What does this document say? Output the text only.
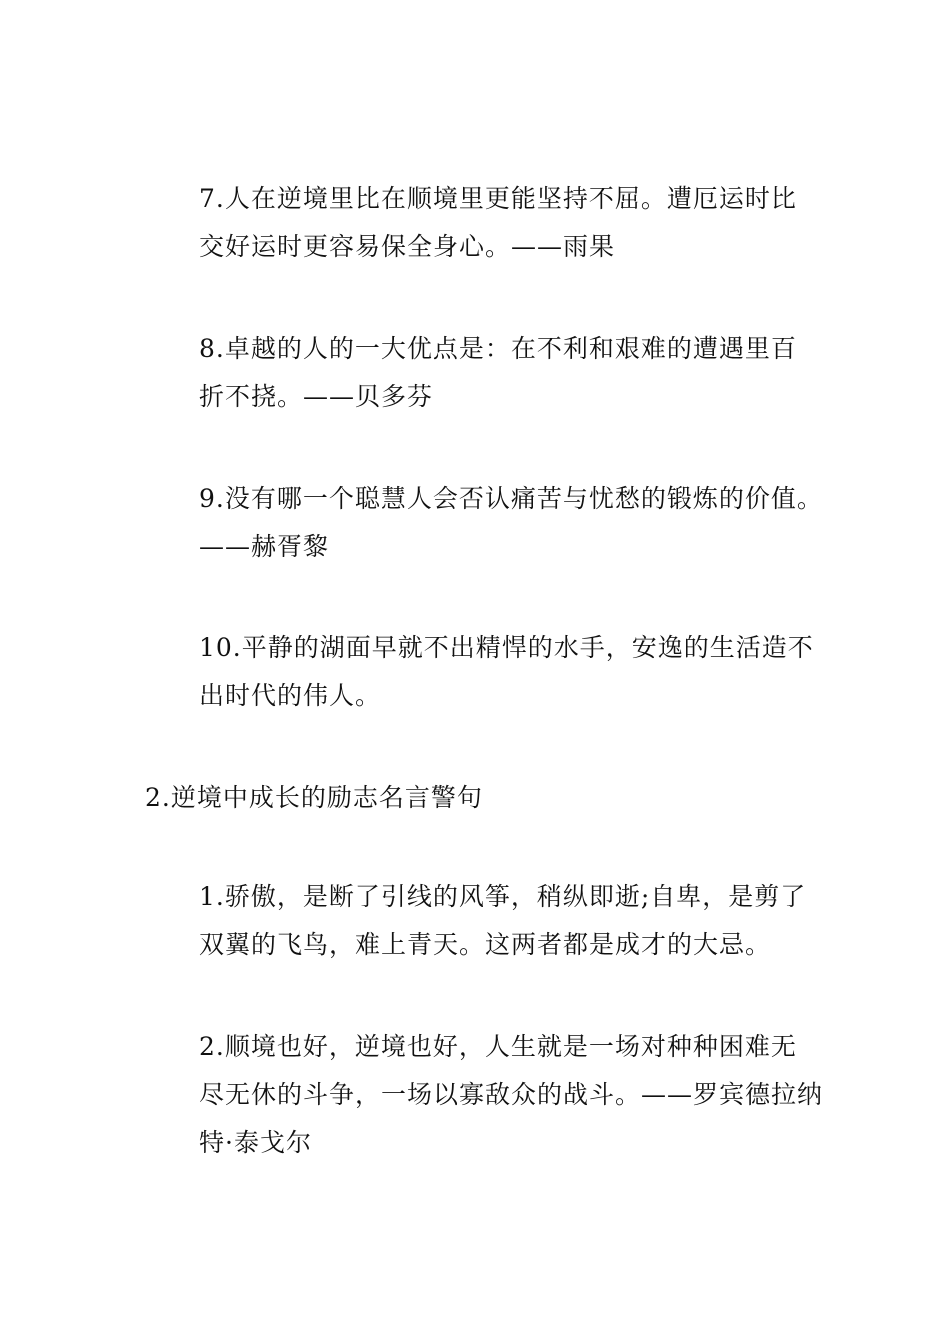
7.人在逆境里比在顺境里更能坚持不屈。遭厄运时比
交好运时更容易保全身心。——雨果
8.卓越的人的一大优点是：在不利和艰难的遭遇里百
折不挠。——贝多芬
9.没有哪一个聪慧人会否认痛苦与忧愁的锻炼的价值。
——赫胥黎
10.平静的湖面早就不出精悍的水手，安逸的生活造不
出时代的伟人。
2.逆境中成长的励志名言警句
1.骄傲，是断了引线的风筝，稍纵即逝;自卑，是剪了
双翼的飞鸟，难上青天。这两者都是成才的大忌。
2.顺境也好，逆境也好，人生就是一场对种种困难无
尽无休的斗争，一场以寡敌众的战斗。——罗宾德拉纳
特·泰戈尔
